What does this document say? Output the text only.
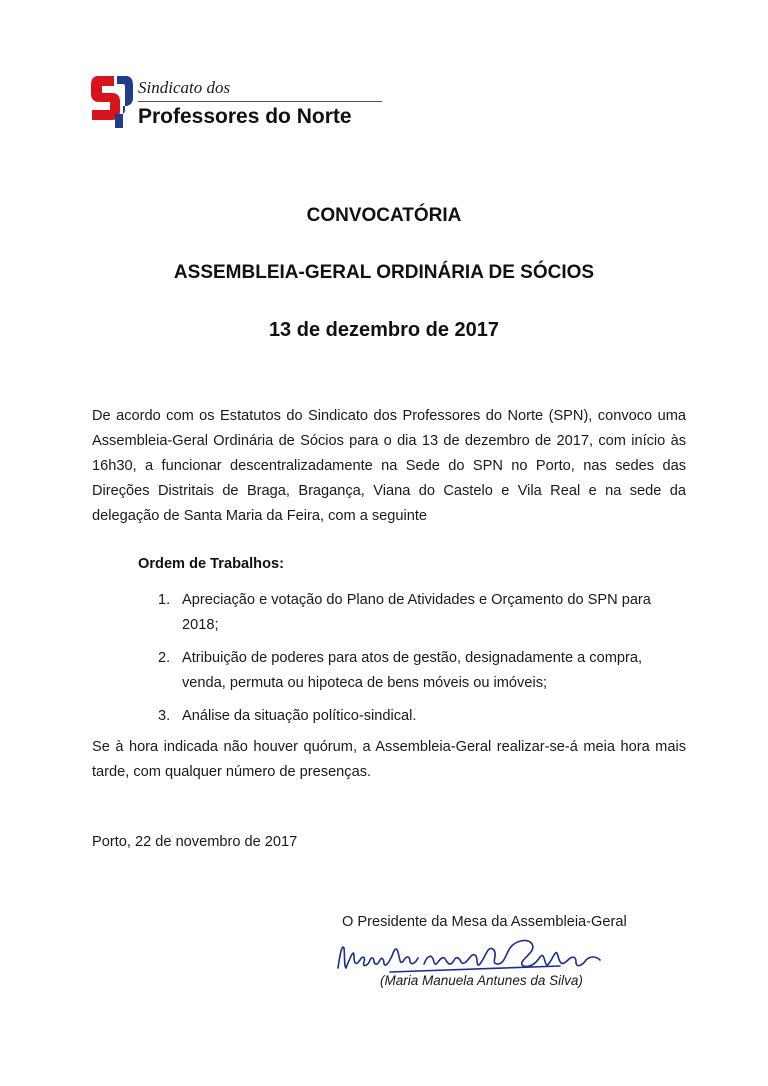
Sindicato dos
Professores do Norte
CONVOCATÓRIA
ASSEMBLEIA-GERAL ORDINÁRIA DE SÓCIOS
13 de dezembro de 2017
De acordo com os Estatutos do Sindicato dos Professores do Norte (SPN), convoco uma Assembleia-Geral Ordinária de Sócios para o dia 13 de dezembro de 2017, com início às 16h30, a funcionar descentralizadamente na Sede do SPN no Porto, nas sedes das Direções Distritais de Braga, Bragança, Viana do Castelo e Vila Real e na sede da delegação de Santa Maria da Feira, com a seguinte
Ordem de Trabalhos:
1. Apreciação e votação do Plano de Atividades e Orçamento do SPN para 2018;
2. Atribuição de poderes para atos de gestão, designadamente a compra, venda, permuta ou hipoteca de bens móveis ou imóveis;
3. Análise da situação político-sindical.
Se à hora indicada não houver quórum, a Assembleia-Geral realizar-se-á meia hora mais tarde, com qualquer número de presenças.
Porto, 22 de novembro de 2017
O Presidente da Mesa da Assembleia-Geral
(Maria Manuela Antunes da Silva)
